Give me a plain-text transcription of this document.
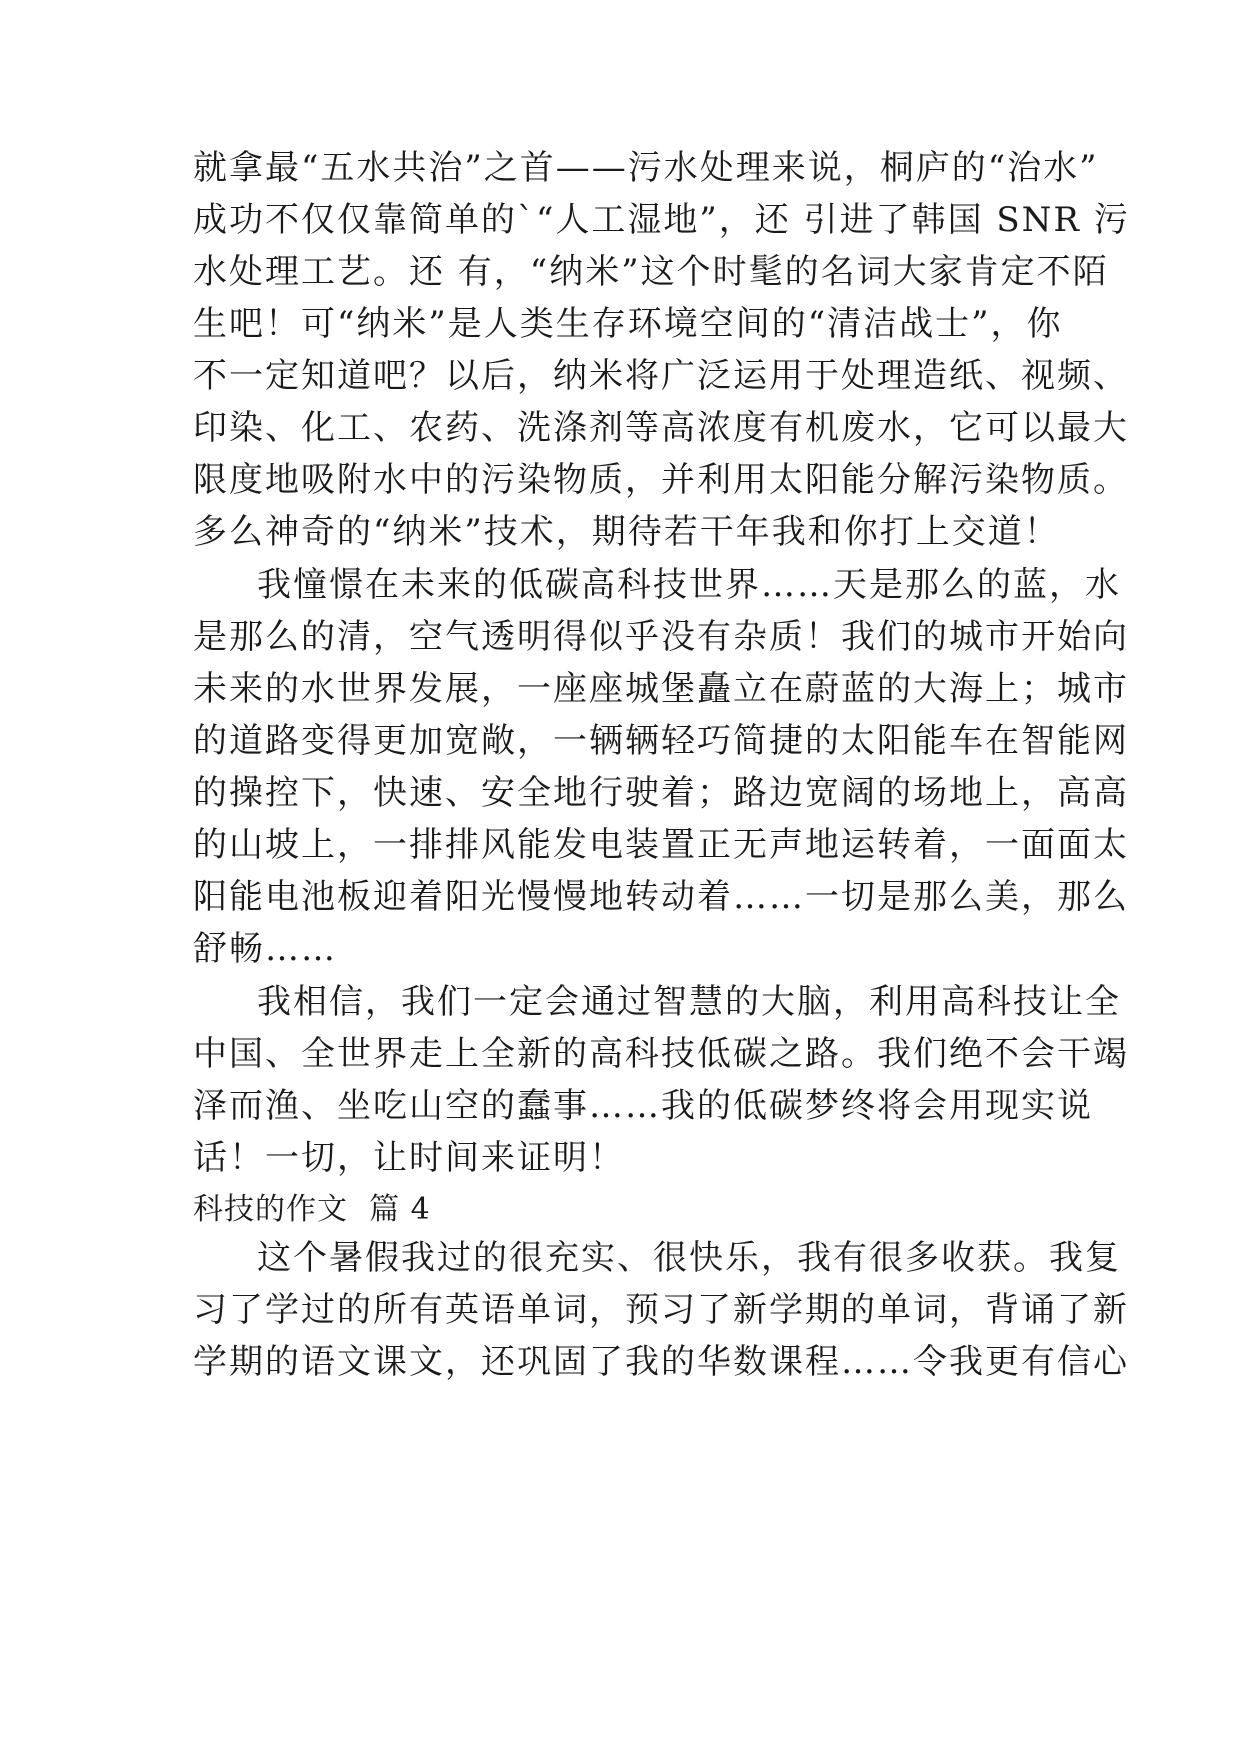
就拿最“五水共治”之首——污水处理来说，桐庐的“治水”
成功不仅仅靠简单的`“人工湿地”，还 引进了韩国 SNR 污
水处理工艺。还 有，“纳米”这个时髦的名词大家肯定不陌
生吧！可“纳米”是人类生存环境空间的“清洁战士”，你
不一定知道吧？以后，纳米将广泛运用于处理造纸、视频、
印染、化工、农药、洗涤剂等高浓度有机废水，它可以最大
限度地吸附水中的污染物质，并利用太阳能分解污染物质。
多么神奇的“纳米”技术，期待若干年我和你打上交道！
我憧憬在未来的低碳高科技世界……天是那么的蓝，水
是那么的清，空气透明得似乎没有杂质！我们的城市开始向
未来的水世界发展，一座座城堡矗立在蔚蓝的大海上；城市
的道路变得更加宽敞，一辆辆轻巧简捷的太阳能车在智能网
的操控下，快速、安全地行驶着；路边宽阔的场地上，高高
的山坡上，一排排风能发电装置正无声地运转着，一面面太
阳能电池板迎着阳光慢慢地转动着……一切是那么美，那么
舒畅……
我相信，我们一定会通过智慧的大脑，利用高科技让全
中国、全世界走上全新的高科技低碳之路。我们绝不会干竭
泽而渔、坐吃山空的蠢事……我的低碳梦终将会用现实说
话！一切，让时间来证明！
科技的作文  篇 4
这个暑假我过的很充实、很快乐，我有很多收获。我复
习了学过的所有英语单词，预习了新学期的单词，背诵了新
学期的语文课文，还巩固了我的华数课程……令我更有信心
